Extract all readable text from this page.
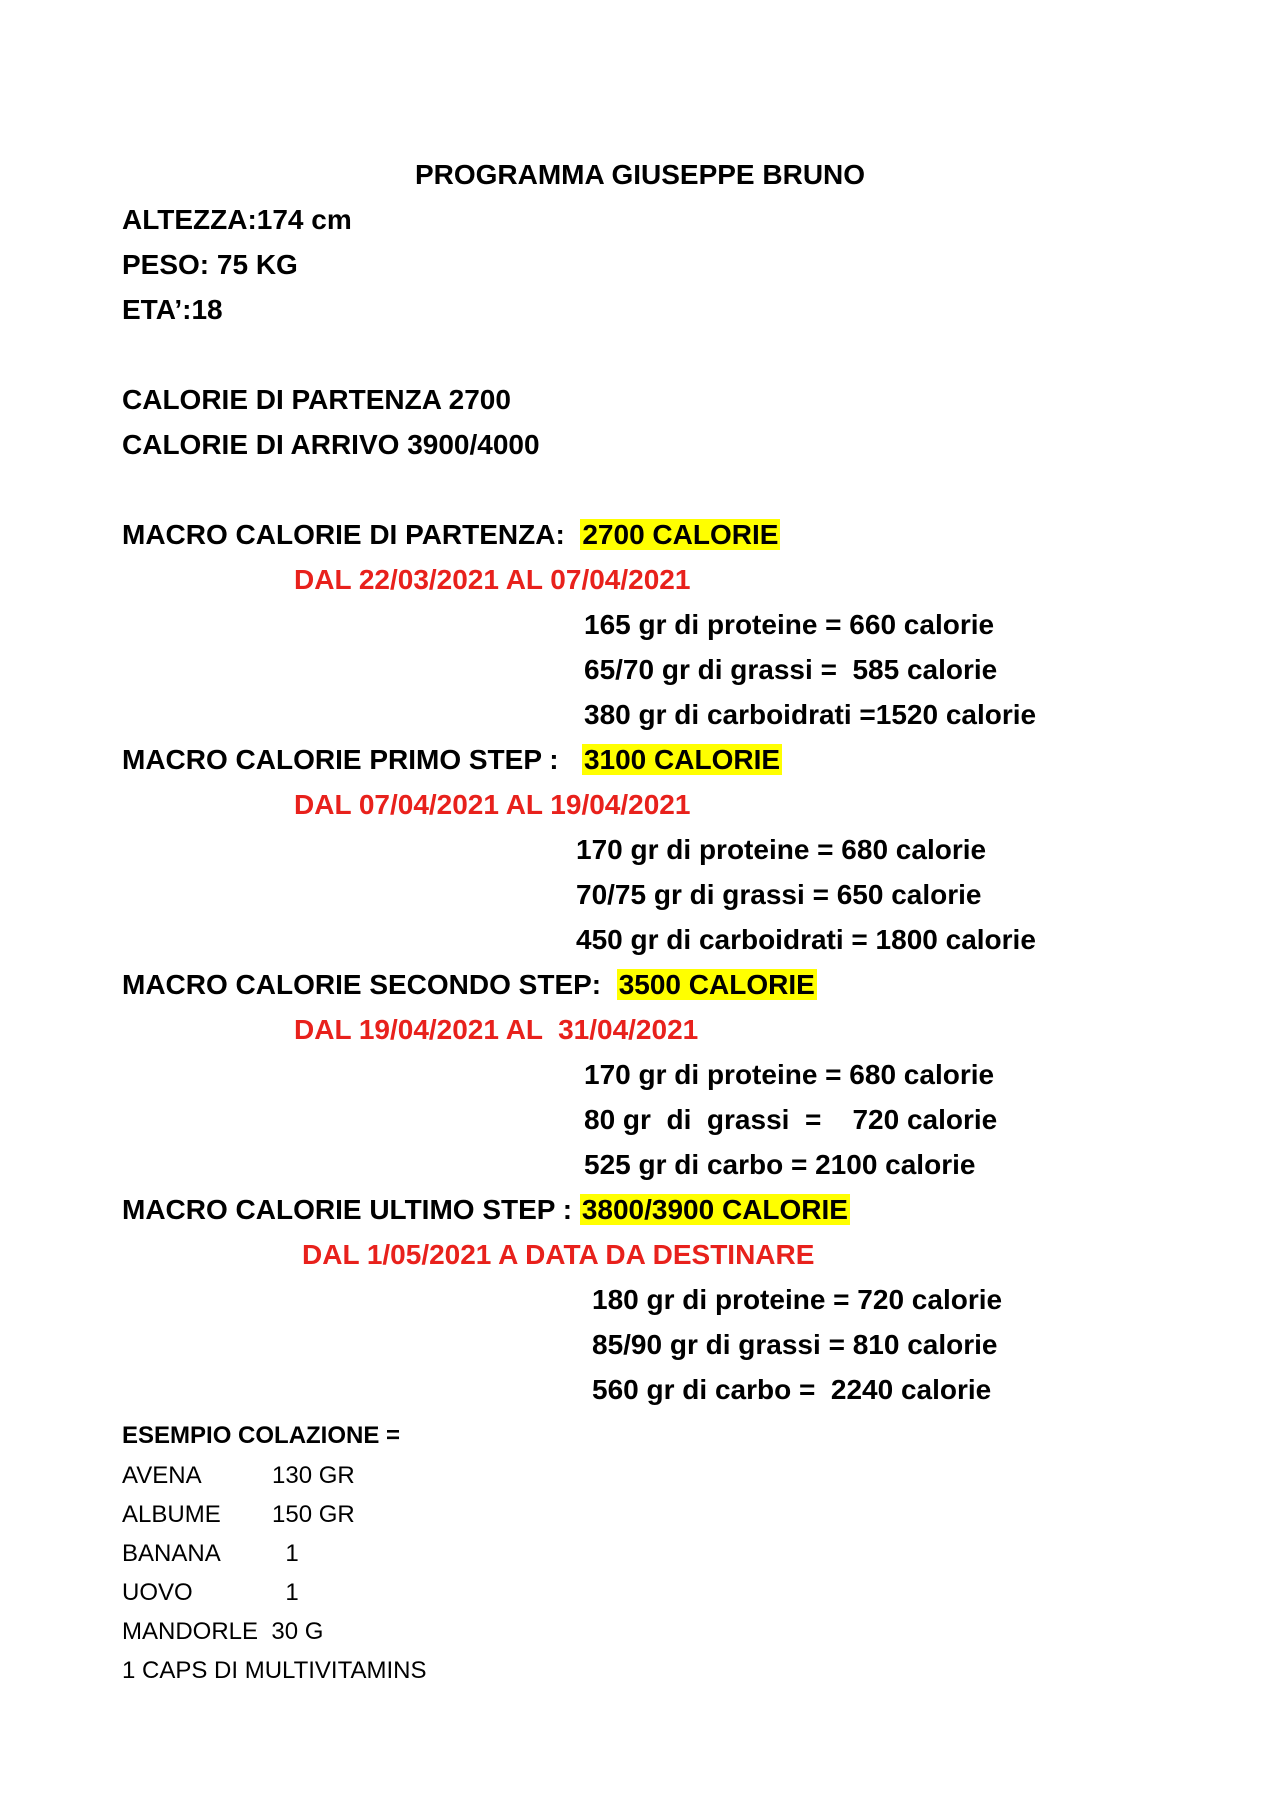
PROGRAMMA GIUSEPPE BRUNO
ALTEZZA:174 cm
PESO: 75 KG
ETA’:18
CALORIE DI PARTENZA 2700
CALORIE DI ARRIVO 3900/4000
MACRO CALORIE DI PARTENZA:  2700 CALORIE
DAL 22/03/2021 AL 07/04/2021
165 gr di proteine = 660 calorie
65/70 gr di grassi =  585 calorie
380 gr di carboidrati =1520 calorie
MACRO CALORIE PRIMO STEP :   3100 CALORIE
DAL 07/04/2021 AL 19/04/2021
170 gr di proteine = 680 calorie
70/75 gr di grassi = 650 calorie
450 gr di carboidrati = 1800 calorie
MACRO CALORIE SECONDO STEP:  3500 CALORIE
DAL 19/04/2021 AL  31/04/2021
170 gr di proteine = 680 calorie
80 gr  di  grassi  =    720 calorie
525 gr di carbo = 2100 calorie
MACRO CALORIE ULTIMO STEP : 3800/3900 CALORIE
DAL 1/05/2021 A DATA DA DESTINARE
180 gr di proteine = 720 calorie
85/90 gr di grassi = 810 calorie
560 gr di carbo =  2240 calorie
ESEMPIO COLAZIONE =
AVENA	130 GR
ALBUME 150 GR
BANANA  1
UOVO	1
MANDORLE  30 G
1 CAPS DI MULTIVITAMINS
